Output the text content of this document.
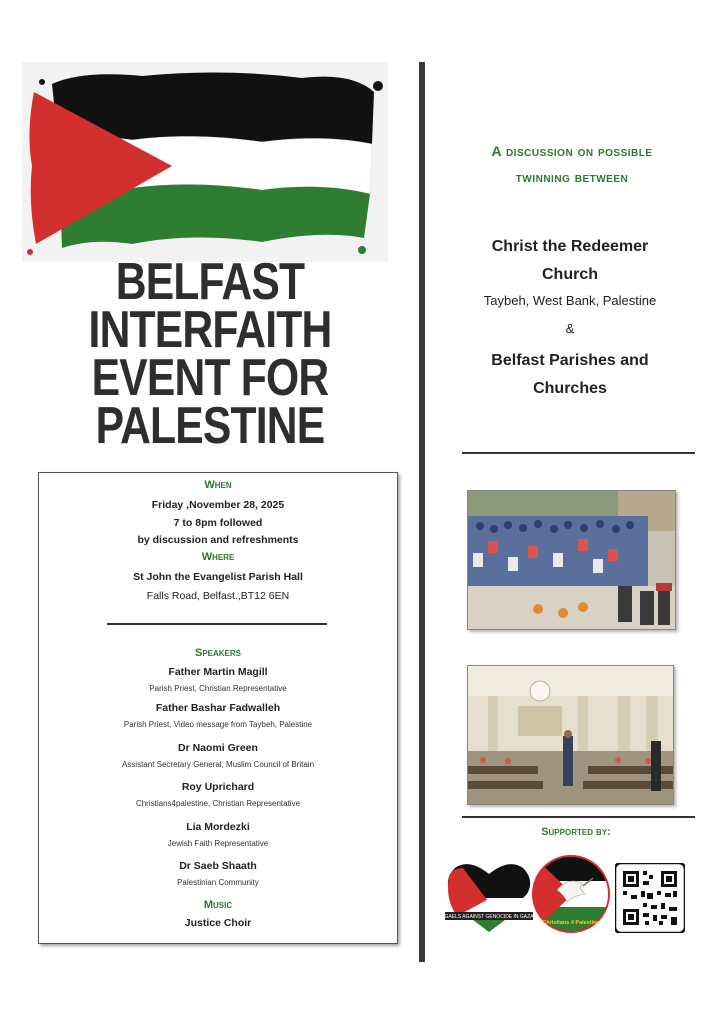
BELFAST
INTERFAITH
EVENT FOR
PALESTINE
When
Friday ,November 28, 2025
7 to 8pm followed
by discussion and refreshments
Where
St John the Evangelist Parish Hall
Falls Road, Belfast.,BT12 6EN
Speakers
Father Martin Magill
Parish Priest, Christian Representative
Father Bashar Fadwalleh
Parish Priest, Video message from Taybeh, Palestine
Dr Naomi Green
Assistant Secretary General, Muslim Council of Britain
Roy Uprichard
Christians4palestine, Christian Representative
Lia Mordezki
Jewish Faith Representative
Dr Saeb Shaath
Palestinian Community
Music
Justice Choir
A discussion on possible
twinning between
Christ the Redeemer
Church
Taybeh, West Bank, Palestine
&
Belfast Parishes and
Churches
Supported by:
GAELS AGAINST GENOCIDE IN GAZA
Christians 4 Palestine
